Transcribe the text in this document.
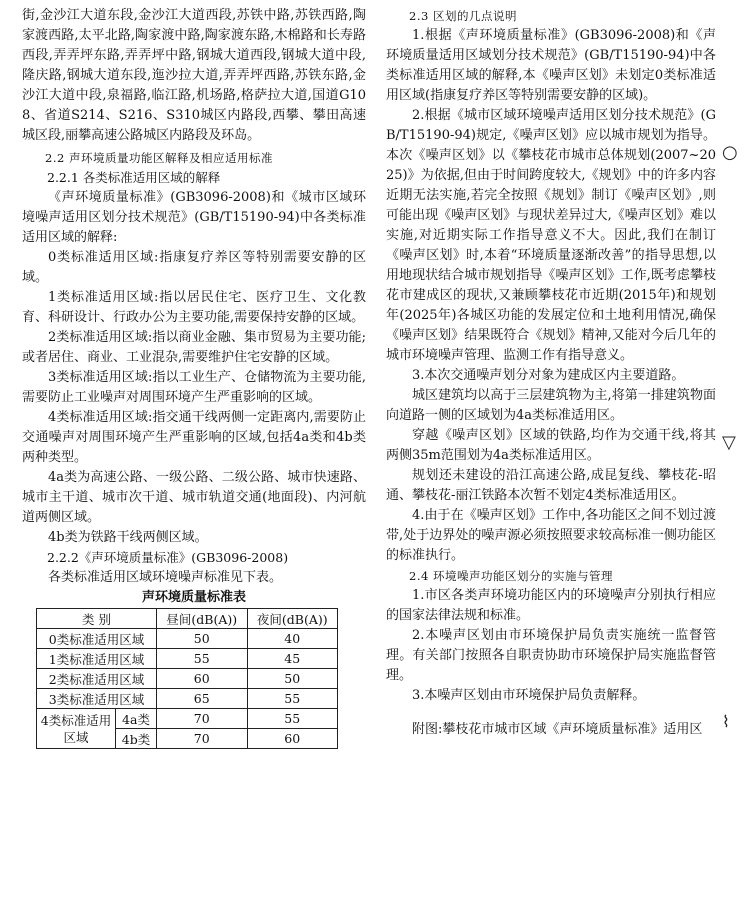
街,金沙江大道东段,金沙江大道西段,苏铁中路,苏铁西路,陶家渡西路,太平北路,陶家渡中路,陶家渡东路,木棉路和长寿路西段,弄弄坪东路,弄弄坪中路,钢城大道西段,钢城大道中段,隆庆路,钢城大道东段,迤沙拉大道,弄弄坪西路,苏铁东路,金沙江大道中段,泉福路,临江路,机场路,格萨拉大道,国道G108、省道S214、S216、S310城区内路段,西攀、攀田高速城区段,丽攀高速公路城区内路段及环岛。

2.2 声环境质量功能区解释及相应适用标准

2.2.1 各类标准适用区域的解释

《声环境质量标准》(GB3096-2008)和《城市区域环境噪声适用区划分技术规范》(GB/T15190-94)中各类标准适用区域的解释:

0类标准适用区域:指康复疗养区等特别需要安静的区域。

1类标准适用区域:指以居民住宅、医疗卫生、文化教育、科研设计、行政办公为主要功能,需要保持安静的区域。

2类标准适用区域:指以商业金融、集市贸易为主要功能;或者居住、商业、工业混杂,需要维护住宅安静的区域。

3类标准适用区域:指以工业生产、仓储物流为主要功能,需要防止工业噪声对周围环境产生严重影响的区域。

4类标准适用区域:指交通干线两侧一定距离内,需要防止交通噪声对周围环境产生严重影响的区域,包括4a类和4b类两种类型。

4a类为高速公路、一级公路、二级公路、城市快速路、城市主干道、城市次干道、城市轨道交通(地面段)、内河航道两侧区域。

4b类为铁路干线两侧区域。

2.2.2《声环境质量标准》(GB3096-2008)

各类标准适用区域环境噪声标准见下表。

声环境质量标准表

类 别		昼间(dB(A))	夜间(dB(A))
0类标准适用区域		50	40
1类标准适用区域		55	45
2类标准适用区域		60	50
3类标准适用区域		65	55
4类标准适用区域	4a类	70	55
	4b类	70	60

2.3 区划的几点说明

1.根据《声环境质量标准》(GB3096-2008)和《声环境质量适用区域划分技术规范》(GB/T15190-94)中各类标准适用区域的解释,本《噪声区划》未划定0类标准适用区域(指康复疗养区等特别需要安静的区域)。

2.根据《城市区域环境噪声适用区划分技术规范》(GB/T15190-94)规定,《噪声区划》应以城市规划为指导。本次《噪声区划》以《攀枝花市城市总体规划(2007~2025)》为依据,但由于时间跨度较大,《规划》中的许多内容近期无法实施,若完全按照《规划》制订《噪声区划》,则可能出现《噪声区划》与现状差异过大,《噪声区划》难以实施,对近期实际工作指导意义不大。因此,我们在制订《噪声区划》时,本着“环境质量逐渐改善”的指导思想,以用地现状结合城市规划指导《噪声区划》工作,既考虑攀枝花市建成区的现状,又兼顾攀枝花市近期(2015年)和规划年(2025年)各城区功能的发展定位和土地利用情况,确保《噪声区划》结果既符合《规划》精神,又能对今后几年的城市环境噪声管理、监测工作有指导意义。

3.本次交通噪声划分对象为建成区内主要道路。

城区建筑均以高于三层建筑物为主,将第一排建筑物面向道路一侧的区域划为4a类标准适用区。

穿越《噪声区划》区域的铁路,均作为交通干线,将其两侧35m范围划为4a类标准适用区。

规划还未建设的沿江高速公路,成昆复线、攀枝花-昭通、攀枝花-丽江铁路本次暂不划定4类标准适用区。

4.由于在《噪声区划》工作中,各功能区之间不划过渡带,处于边界处的噪声源必须按照要求较高标准一侧功能区的标准执行。

2.4 环境噪声功能区划分的实施与管理

1.市区各类声环境功能区内的环境噪声分别执行相应的国家法律法规和标准。

2.本噪声区划由市环境保护局负责实施统一监督管理。有关部门按照各自职责协助市环境保护局实施监督管理。

3.本噪声区划由市环境保护局负责解释。

附图:攀枝花市城市区域《声环境质量标准》适用区

○
▽
⌇
